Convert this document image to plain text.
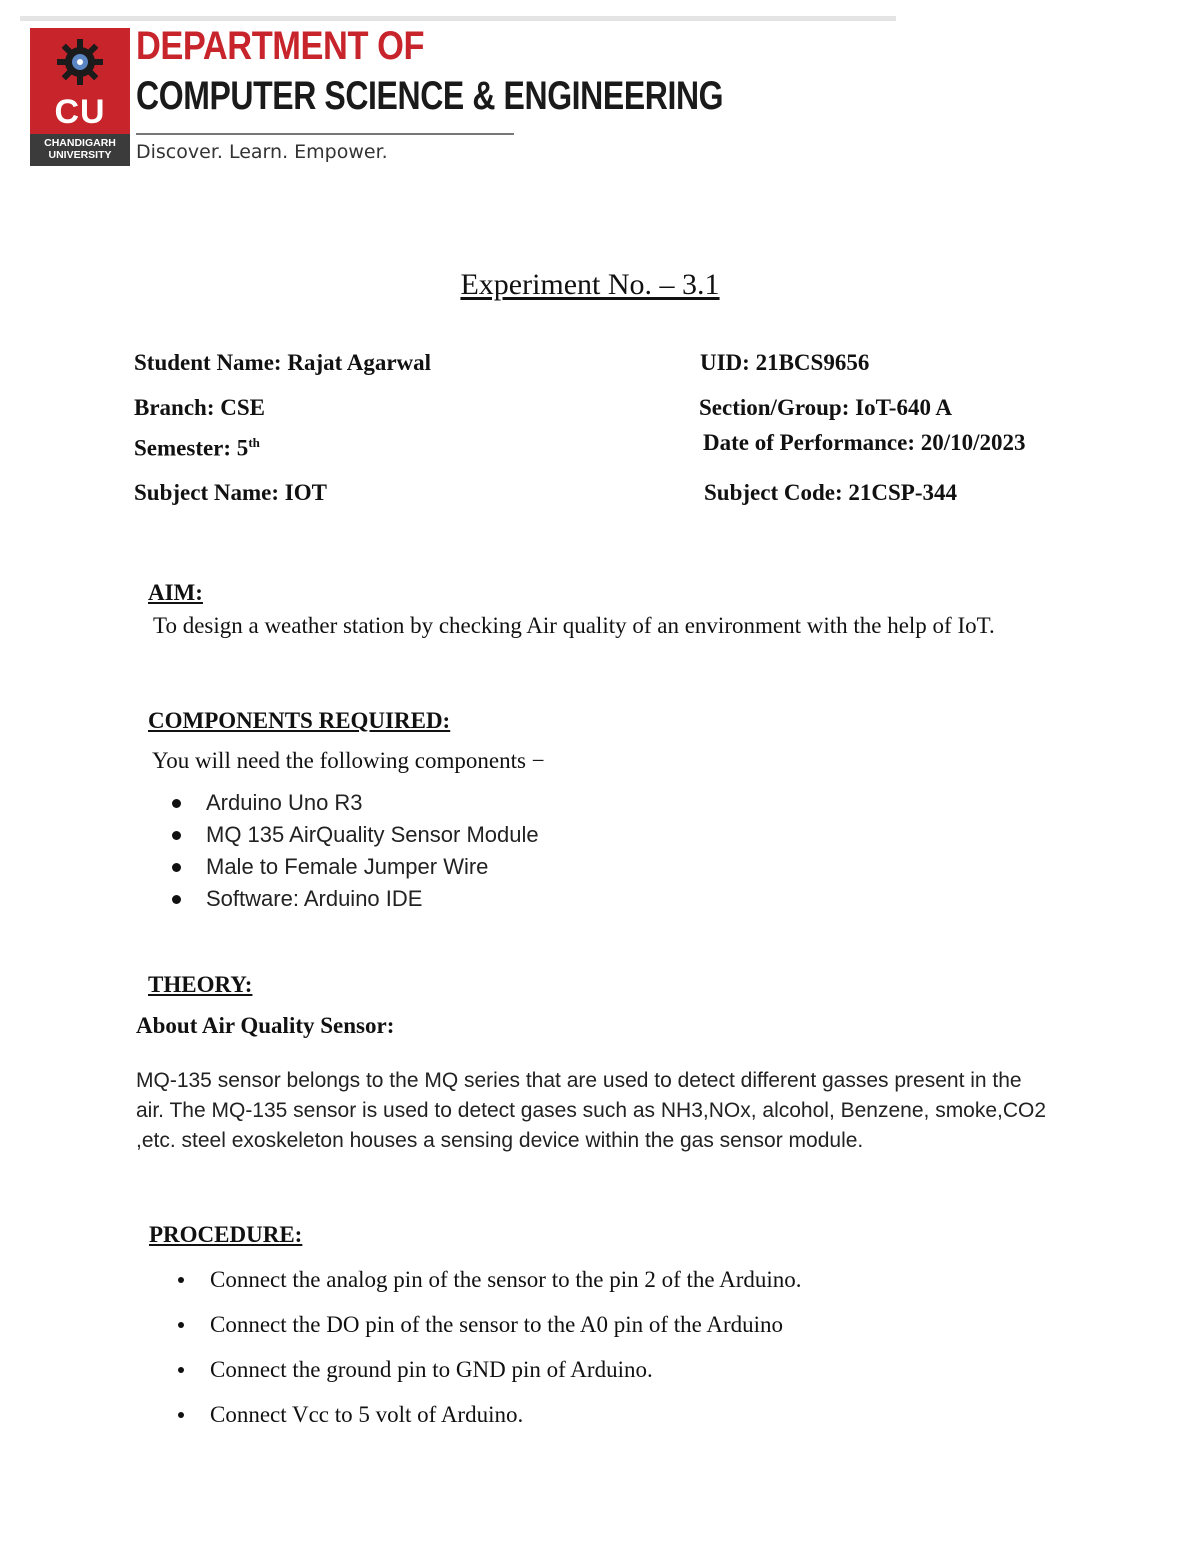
CU
CHANDIGARH
UNIVERSITY
DEPARTMENT OF
COMPUTER SCIENCE & ENGINEERING
Discover. Learn. Empower.
Experiment No. – 3.1
Student Name: Rajat Agarwal	UID: 21BCS9656
Branch: CSE	Section/Group: IoT-640 A
Semester: 5th	Date of Performance: 20/10/2023
Subject Name: IOT	Subject Code: 21CSP-344
AIM:
To design a weather station by checking Air quality of an environment with the help of IoT.
COMPONENTS REQUIRED:
You will need the following components −
Arduino Uno R3
MQ 135 AirQuality Sensor Module
Male to Female Jumper Wire
Software: Arduino IDE
THEORY:
About Air Quality Sensor:
MQ-135 sensor belongs to the MQ series that are used to detect different gasses present in the
air. The MQ-135 sensor is used to detect gases such as NH3,NOx, alcohol, Benzene, smoke,CO2
,etc. steel exoskeleton houses a sensing device within the gas sensor module.
PROCEDURE:
Connect the analog pin of the sensor to the pin 2 of the Arduino.
Connect the DO pin of the sensor to the A0 pin of the Arduino
Connect the ground pin to GND pin of Arduino.
Connect Vcc to 5 volt of Arduino.
